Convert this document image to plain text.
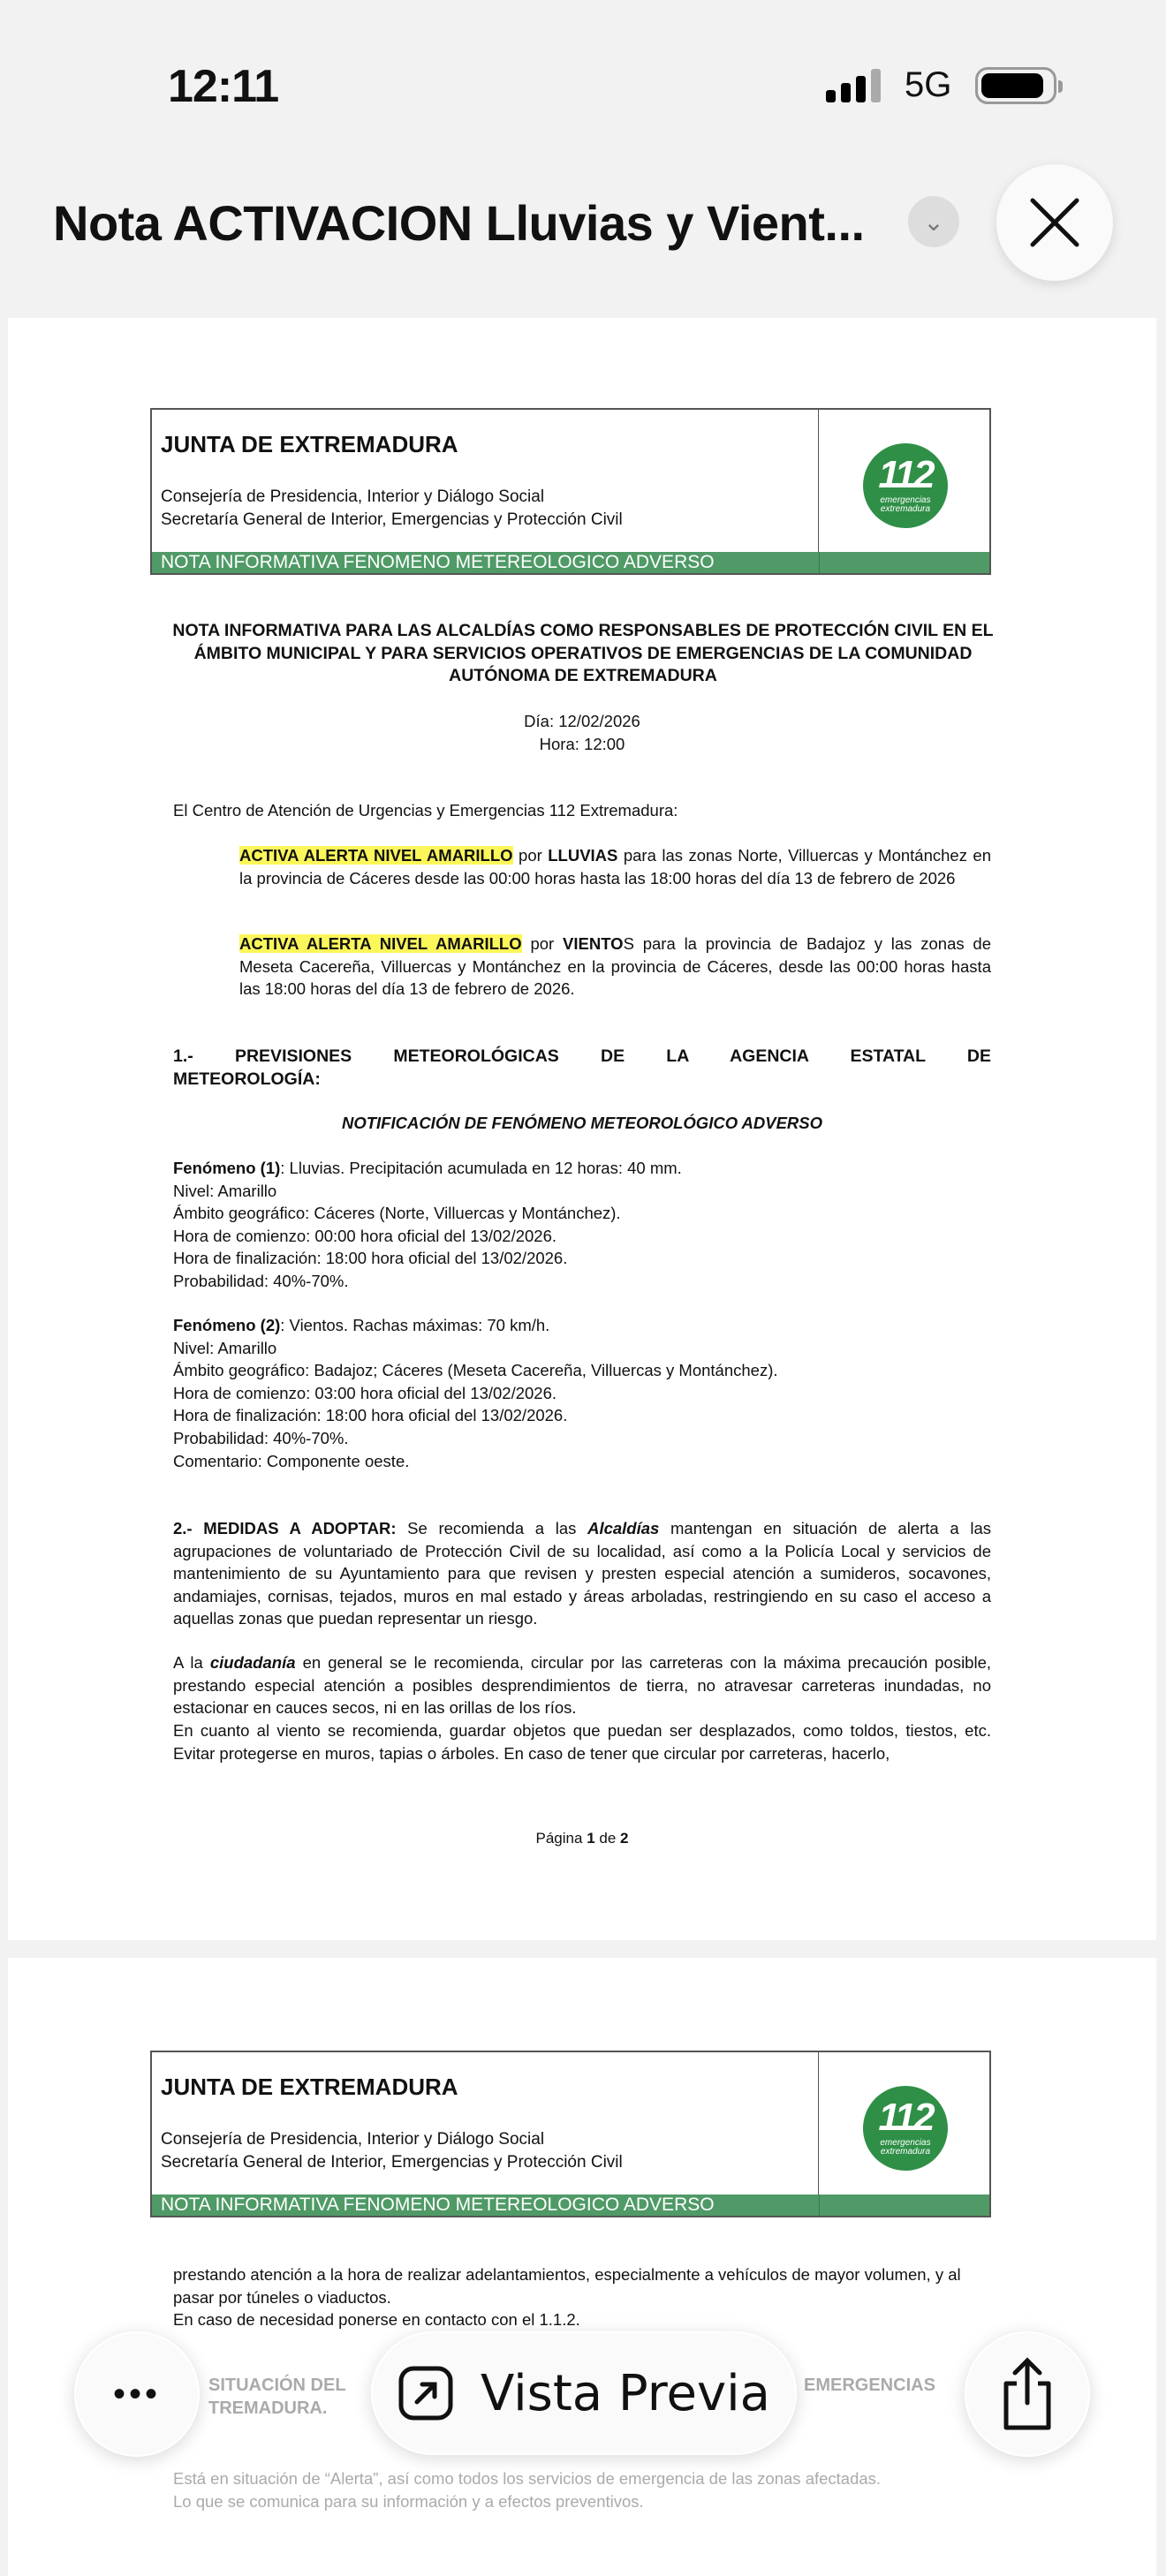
12:11	5G
Nota ACTIVACION Lluvias y Vient...	⌄
JUNTA DE EXTREMADURA
Consejería de Presidencia, Interior y Diálogo Social
Secretaría General de Interior, Emergencias y Protección Civil
112
emergencias
extremadura
NOTA INFORMATIVA FENOMENO METEREOLOGICO ADVERSO
NOTA INFORMATIVA PARA LAS ALCALDÍAS COMO RESPONSABLES DE PROTECCIÓN CIVIL EN EL ÁMBITO MUNICIPAL Y PARA SERVICIOS OPERATIVOS DE EMERGENCIAS DE LA COMUNIDAD AUTÓNOMA DE EXTREMADURA
Día: 12/02/2026
Hora: 12:00
El Centro de Atención de Urgencias y Emergencias 112 Extremadura:
ACTIVA ALERTA NIVEL AMARILLO por LLUVIAS para las zonas Norte, Villuercas y Montánchez en la provincia de Cáceres desde las 00:00 horas hasta las 18:00 horas del día 13 de febrero de 2026
ACTIVA ALERTA NIVEL AMARILLO por VIENTOS para la provincia de Badajoz y las zonas de Meseta Cacereña, Villuercas y Montánchez en la provincia de Cáceres, desde las 00:00 horas hasta las 18:00 horas del día 13 de febrero de 2026.
1.- PREVISIONES METEOROLÓGICAS DE LA AGENCIA ESTATAL DE METEOROLOGÍA:
NOTIFICACIÓN DE FENÓMENO METEOROLÓGICO ADVERSO
Fenómeno (1): Lluvias. Precipitación acumulada en 12 horas: 40 mm.
Nivel: Amarillo
Ámbito geográfico: Cáceres (Norte, Villuercas y Montánchez).
Hora de comienzo: 00:00 hora oficial del 13/02/2026.
Hora de finalización: 18:00 hora oficial del 13/02/2026.
Probabilidad: 40%-70%.
Fenómeno (2): Vientos. Rachas máximas: 70 km/h.
Nivel: Amarillo
Ámbito geográfico: Badajoz; Cáceres (Meseta Cacereña, Villuercas y Montánchez).
Hora de comienzo: 03:00 hora oficial del 13/02/2026.
Hora de finalización: 18:00 hora oficial del 13/02/2026.
Probabilidad: 40%-70%.
Comentario: Componente oeste.
2.- MEDIDAS A ADOPTAR: Se recomienda a las Alcaldías mantengan en situación de alerta a las agrupaciones de voluntariado de Protección Civil de su localidad, así como a la Policía Local y servicios de mantenimiento de su Ayuntamiento para que revisen y presten especial atención a sumideros, socavones, andamiajes, cornisas, tejados, muros en mal estado y áreas arboladas, restringiendo en su caso el acceso a aquellas zonas que puedan representar un riesgo.
A la ciudadanía en general se le recomienda, circular por las carreteras con la máxima precaución posible, prestando especial atención a posibles desprendimientos de tierra, no atravesar carreteras inundadas, no estacionar en cauces secos, ni en las orillas de los ríos.
En cuanto al viento se recomienda, guardar objetos que puedan ser desplazados, como toldos, tiestos, etc. Evitar protegerse en muros, tapias o árboles. En caso de tener que circular por carreteras, hacerlo,
Página 1 de 2
JUNTA DE EXTREMADURA
Consejería de Presidencia, Interior y Diálogo Social
Secretaría General de Interior, Emergencias y Protección Civil
112
emergencias
extremadura
NOTA INFORMATIVA FENOMENO METEREOLOGICO ADVERSO
prestando atención a la hora de realizar adelantamientos, especialmente a vehículos de mayor volumen, y al pasar por túneles o viaductos.
En caso de necesidad ponerse en contacto con el 1.1.2.
SITUACIÓN DEL	EMERGENCIAS
TREMADURA.
Está en situación de “Alerta”, así como todos los servicios de emergencia de las zonas afectadas.
Lo que se comunica para su información y a efectos preventivos.
•••	Vista Previa
